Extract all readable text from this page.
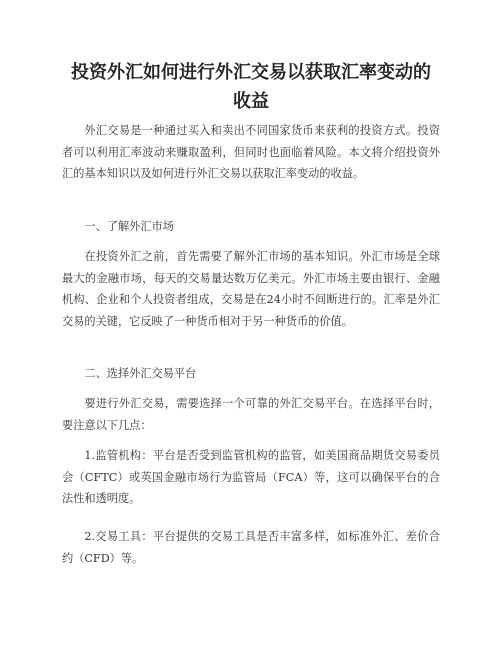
投资外汇如何进行外汇交易以获取汇率变动的收益

外汇交易是一种通过买入和卖出不同国家货币来获利的投资方式。投资者可以利用汇率波动来赚取盈利，但同时也面临着风险。本文将介绍投资外汇的基本知识以及如何进行外汇交易以获取汇率变动的收益。

一、了解外汇市场

在投资外汇之前，首先需要了解外汇市场的基本知识。外汇市场是全球最大的金融市场，每天的交易量达数万亿美元。外汇市场主要由银行、金融机构、企业和个人投资者组成，交易是在24小时不间断进行的。汇率是外汇交易的关键，它反映了一种货币相对于另一种货币的价值。

二、选择外汇交易平台

要进行外汇交易，需要选择一个可靠的外汇交易平台。在选择平台时，要注意以下几点：

1.监管机构：平台是否受到监管机构的监管，如美国商品期货交易委员会（CFTC）或英国金融市场行为监管局（FCA）等，这可以确保平台的合法性和透明度。

2.交易工具：平台提供的交易工具是否丰富多样，如标准外汇、差价合约（CFD）等。
